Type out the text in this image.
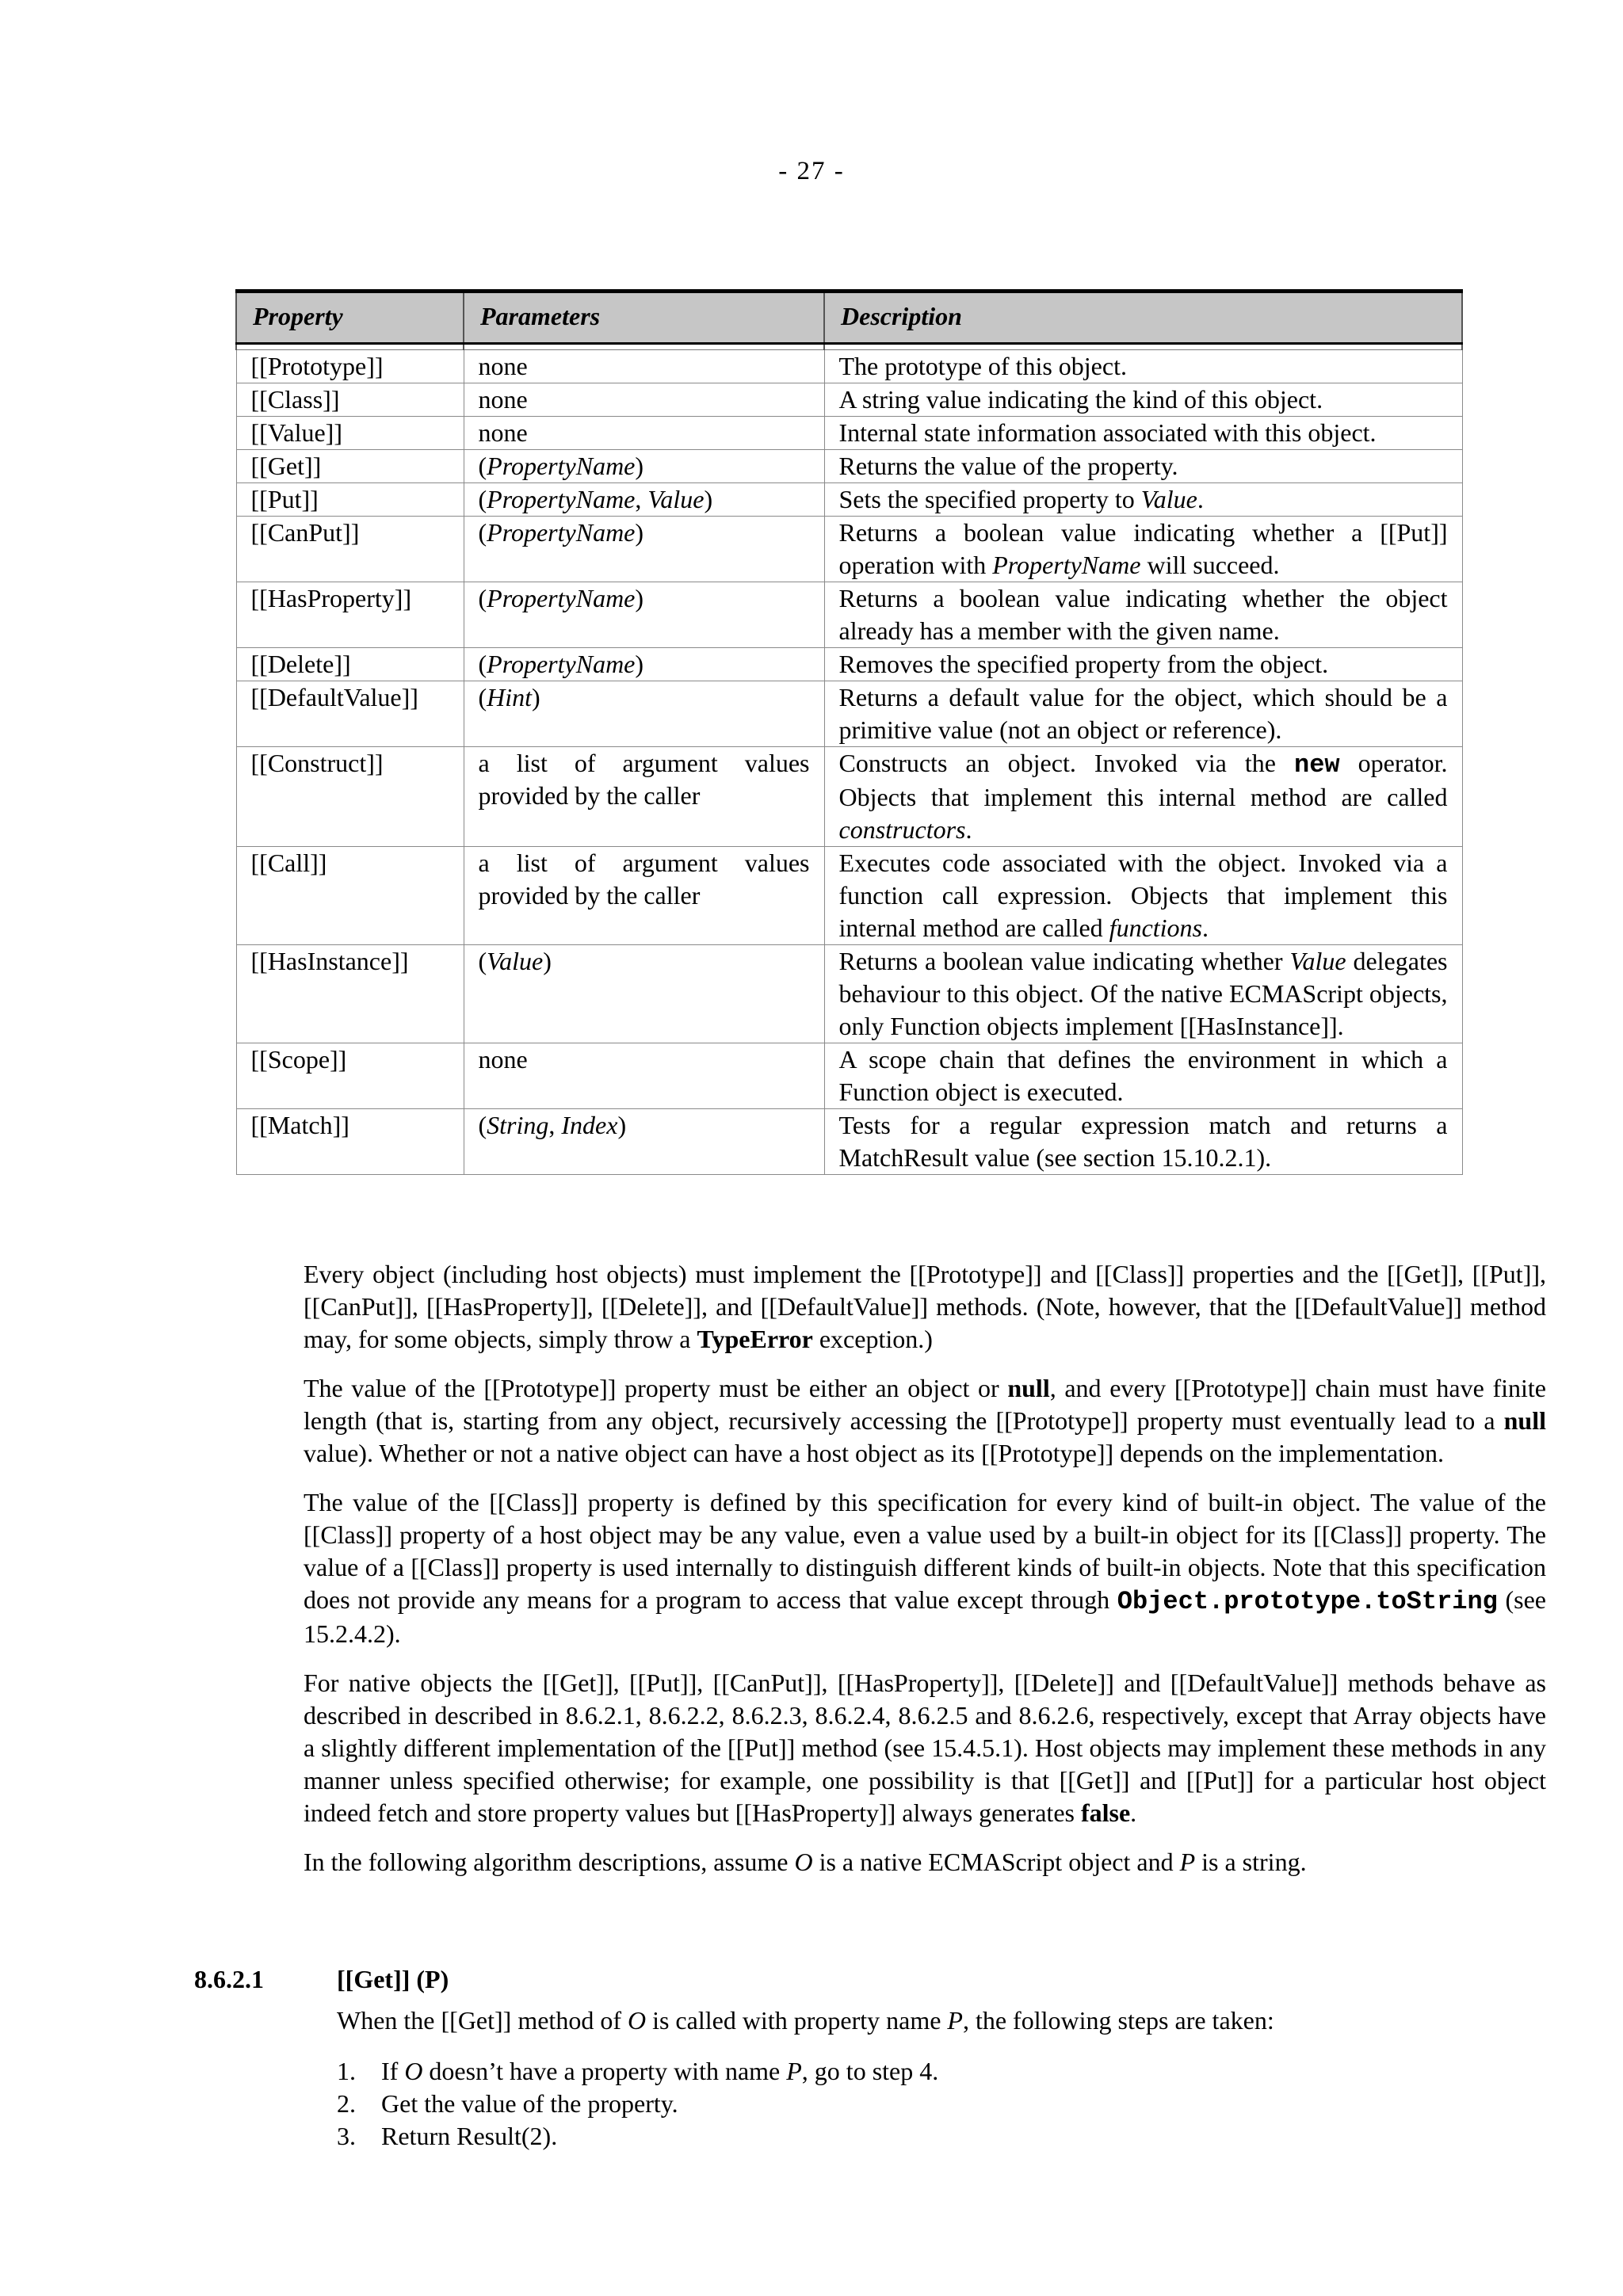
- 27 -
Property	Parameters	Description

[[Prototype]]	none	The prototype of this object.
[[Class]]	none	A string value indicating the kind of this object.
[[Value]]	none	Internal state information associated with this object.
[[Get]]	(PropertyName)	Returns the value of the property.
[[Put]]	(PropertyName, Value)	Sets the specified property to Value.
[[CanPut]]	(PropertyName)	Returns a boolean value indicating whether a [[Put]] operation with PropertyName will succeed.
[[HasProperty]]	(PropertyName)	Returns a boolean value indicating whether the object already has a member with the given name.
[[Delete]]	(PropertyName)	Removes the specified property from the object.
[[DefaultValue]]	(Hint)	Returns a default value for the object, which should be a primitive value (not an object or reference).
[[Construct]]	a list of argument values provided by the caller	Constructs an object. Invoked via the new operator. Objects that implement this internal method are called constructors.
[[Call]]	a list of argument values provided by the caller	Executes code associated with the object. Invoked via a function call expression. Objects that implement this internal method are called functions.
[[HasInstance]]	(Value)	Returns a boolean value indicating whether Value delegates behaviour to this object. Of the native ECMAScript objects, only Function objects implement [[HasInstance]].
[[Scope]]	none	A scope chain that defines the environment in which a Function object is executed.
[[Match]]	(String, Index)	Tests for a regular expression match and returns a MatchResult value (see section 15.10.2.1).

Every object (including host objects) must implement the [[Prototype]] and [[Class]] properties and the [[Get]], [[Put]], [[CanPut]], [[HasProperty]], [[Delete]], and [[DefaultValue]] methods. (Note, however, that the [[DefaultValue]] method may, for some objects, simply throw a TypeError exception.)

The value of the [[Prototype]] property must be either an object or null, and every [[Prototype]] chain must have finite length (that is, starting from any object, recursively accessing the [[Prototype]] property must eventually lead to a null value). Whether or not a native object can have a host object as its [[Prototype]] depends on the implementation.

The value of the [[Class]] property is defined by this specification for every kind of built-in object. The value of the [[Class]] property of a host object may be any value, even a value used by a built-in object for its [[Class]] property. The value of a [[Class]] property is used internally to distinguish different kinds of built-in objects. Note that this specification does not provide any means for a program to access that value except through Object.prototype.toString (see 15.2.4.2).

For native objects the [[Get]], [[Put]], [[CanPut]], [[HasProperty]], [[Delete]] and [[DefaultValue]] methods behave as described in described in 8.6.2.1, 8.6.2.2, 8.6.2.3, 8.6.2.4, 8.6.2.5 and 8.6.2.6, respectively, except that Array objects have a slightly different implementation of the [[Put]] method (see 15.4.5.1). Host objects may implement these methods in any manner unless specified otherwise; for example, one possibility is that [[Get]] and [[Put]] for a particular host object indeed fetch and store property values but [[HasProperty]] always generates false.

In the following algorithm descriptions, assume O is a native ECMAScript object and P is a string.

8.6.2.1	[[Get]] (P)
When the [[Get]] method of O is called with property name P, the following steps are taken:
1. If O doesn’t have a property with name P, go to step 4.
2. Get the value of the property.
3. Return Result(2).
